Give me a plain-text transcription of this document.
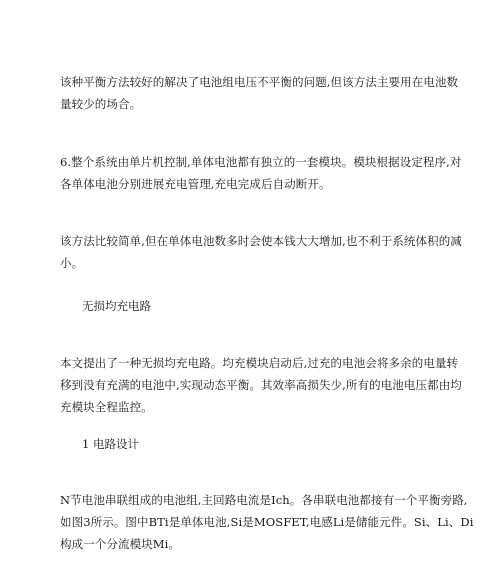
该种平衡方法较好的解决了电池组电压不平衡的问题,但该方法主要用在电池数
量较少的场合。

6.整个系统由单片机控制,单体电池都有独立的一套模块。模块根据设定程序,对
各单体电池分别进展充电管理,充电完成后自动断开。

该方法比较简单,但在单体电池数多时会使本钱大大增加,也不利于系统体积的减
小。

无损均充电路

本文提出了一种无损均充电路。均充模块启动后,过充的电池会将多余的电量转
移到没有充满的电池中,实现动态平衡。其效率高损失少,所有的电池电压都由均
充模块全程监控。

1 电路设计

N节电池串联组成的电池组,主回路电流是Ich。各串联电池都接有一个平衡旁路,
如图3所示。图中BTi是单体电池,Si是MOSFET,电感Li是储能元件。Si、Li、Di
构成一个分流模块Mi。
